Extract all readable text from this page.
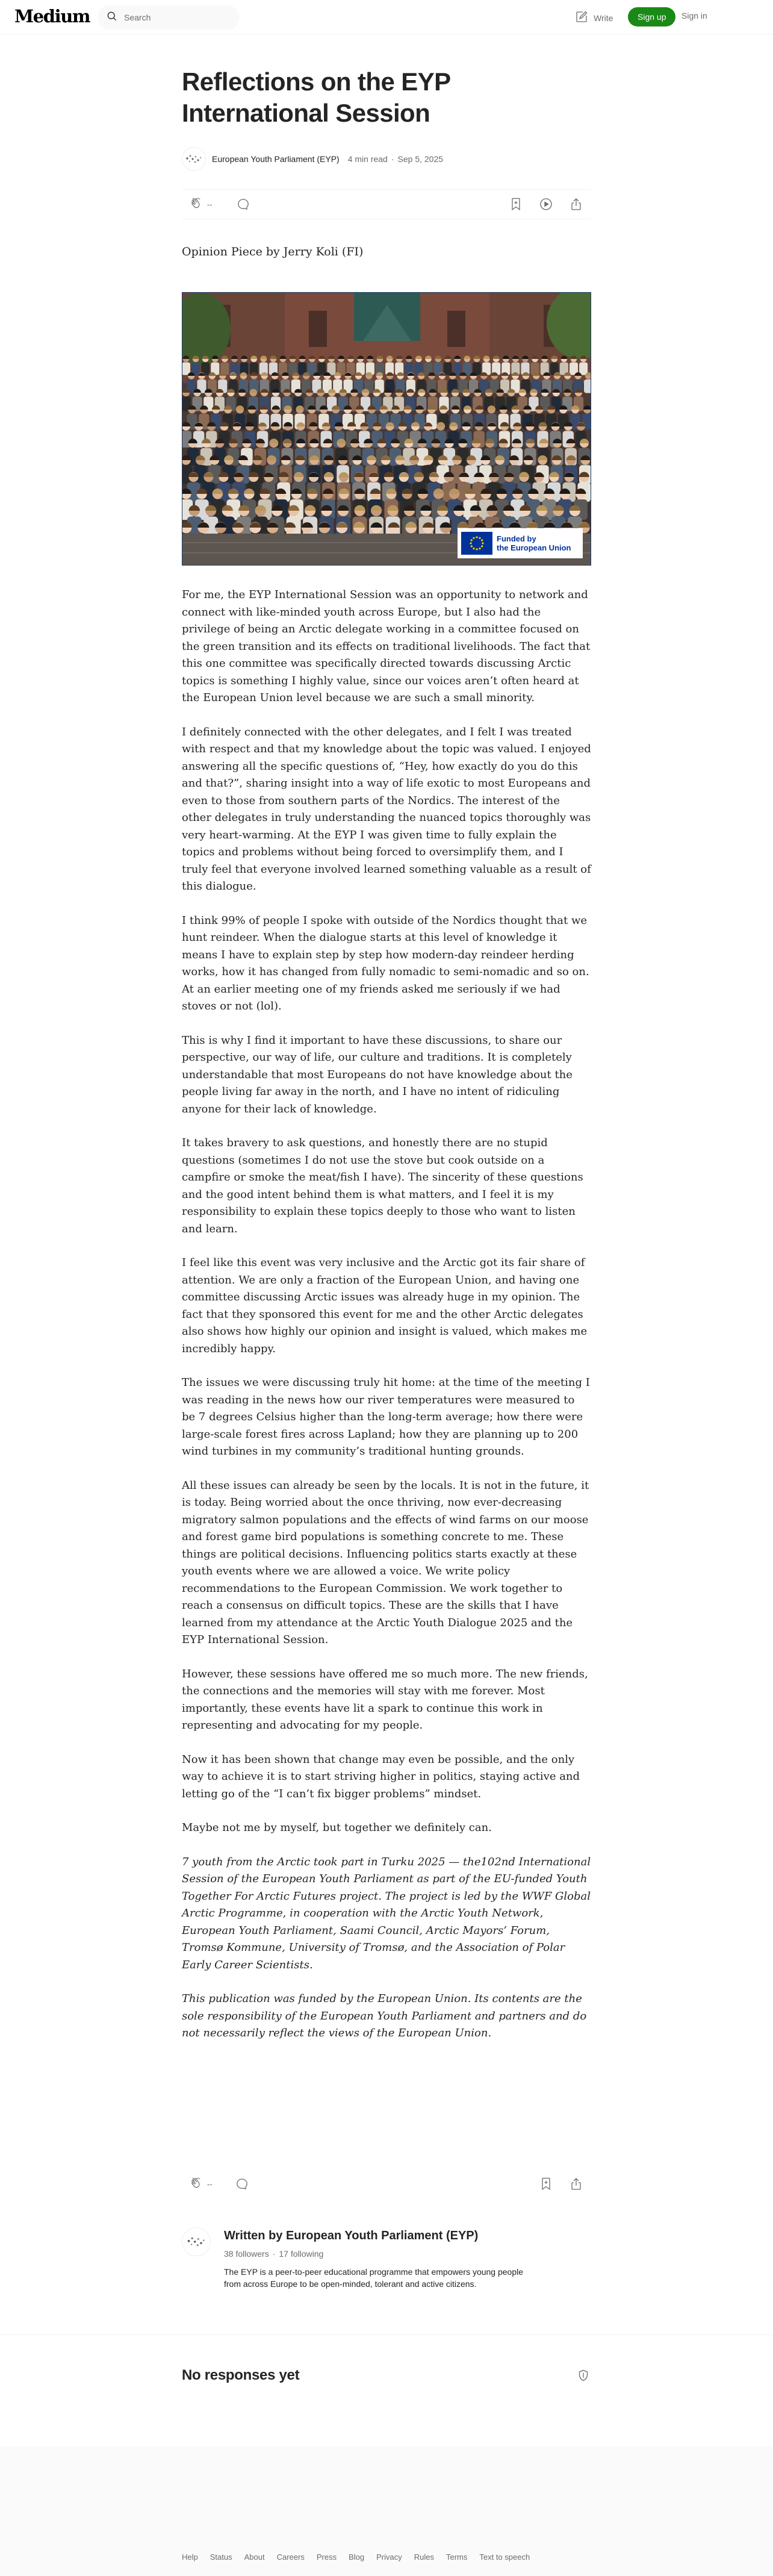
Medium
Search	Write	Sign up	Sign in
Reflections on the EYP International Session
European Youth Parliament (EYP) 4 min read · Sep 5, 2025
--

Opinion Piece by Jerry Koli (FI)

Funded by
the European Union

For me, the EYP International Session was an opportunity to network and connect with like-minded youth across Europe, but I also had the privilege of being an Arctic delegate working in a committee focused on the green transition and its effects on traditional livelihoods. The fact that this one committee was specifically directed towards discussing Arctic topics is something I highly value, since our voices aren’t often heard at the European Union level because we are such a small minority.

I definitely connected with the other delegates, and I felt I was treated with respect and that my knowledge about the topic was valued. I enjoyed answering all the specific questions of, “Hey, how exactly do you do this and that?”, sharing insight into a way of life exotic to most Europeans and even to those from southern parts of the Nordics. The interest of the other delegates in truly understanding the nuanced topics thoroughly was very heart-warming. At the EYP I was given time to fully explain the topics and problems without being forced to oversimplify them, and I truly feel that everyone involved learned something valuable as a result of this dialogue.

I think 99% of people I spoke with outside of the Nordics thought that we hunt reindeer. When the dialogue starts at this level of knowledge it means I have to explain step by step how modern-day reindeer herding works, how it has changed from fully nomadic to semi-nomadic and so on. At an earlier meeting one of my friends asked me seriously if we had stoves or not (lol).

This is why I find it important to have these discussions, to share our perspective, our way of life, our culture and traditions. It is completely understandable that most Europeans do not have knowledge about the people living far away in the north, and I have no intent of ridiculing anyone for their lack of knowledge.

It takes bravery to ask questions, and honestly there are no stupid questions (sometimes I do not use the stove but cook outside on a campfire or smoke the meat/fish I have). The sincerity of these questions and the good intent behind them is what matters, and I feel it is my responsibility to explain these topics deeply to those who want to listen and learn.

I feel like this event was very inclusive and the Arctic got its fair share of attention. We are only a fraction of the European Union, and having one committee discussing Arctic issues was already huge in my opinion. The fact that they sponsored this event for me and the other Arctic delegates also shows how highly our opinion and insight is valued, which makes me incredibly happy.

The issues we were discussing truly hit home: at the time of the meeting I was reading in the news how our river temperatures were measured to be 7 degrees Celsius higher than the long-term average; how there were large-scale forest fires across Lapland; how they are planning up to 200 wind turbines in my community’s traditional hunting grounds.

All these issues can already be seen by the locals. It is not in the future, it is today. Being worried about the once thriving, now ever-decreasing migratory salmon populations and the effects of wind farms on our moose and forest game bird populations is something concrete to me. These things are political decisions. Influencing politics starts exactly at these youth events where we are allowed a voice. We write policy recommendations to the European Commission. We work together to reach a consensus on difficult topics. These are the skills that I have learned from my attendance at the Arctic Youth Dialogue 2025 and the EYP International Session.

However, these sessions have offered me so much more. The new friends, the connections and the memories will stay with me forever. Most importantly, these events have lit a spark to continue this work in representing and advocating for my people.

Now it has been shown that change may even be possible, and the only way to achieve it is to start striving higher in politics, staying active and letting go of the “I can’t fix bigger problems” mindset.

Maybe not me by myself, but together we definitely can.

7 youth from the Arctic took part in Turku 2025 — the102nd International Session of the European Youth Parliament as part of the EU-funded Youth Together For Arctic Futures project. The project is led by the WWF Global Arctic Programme, in cooperation with the Arctic Youth Network, European Youth Parliament, Saami Council, Arctic Mayors’ Forum, Tromsø Kommune, University of Tromsø, and the Association of Polar Early Career Scientists.

This publication was funded by the European Union. Its contents are the sole responsibility of the European Youth Parliament and partners and do not necessarily reflect the views of the European Union.

--
Written by European Youth Parliament (EYP)
38 followers · 17 following
The EYP is a peer-to-peer educational programme that empowers young people from across Europe to be open-minded, tolerant and active citizens.
No responses yet
Help Status About Careers Press Blog Privacy Rules Terms Text to speech
